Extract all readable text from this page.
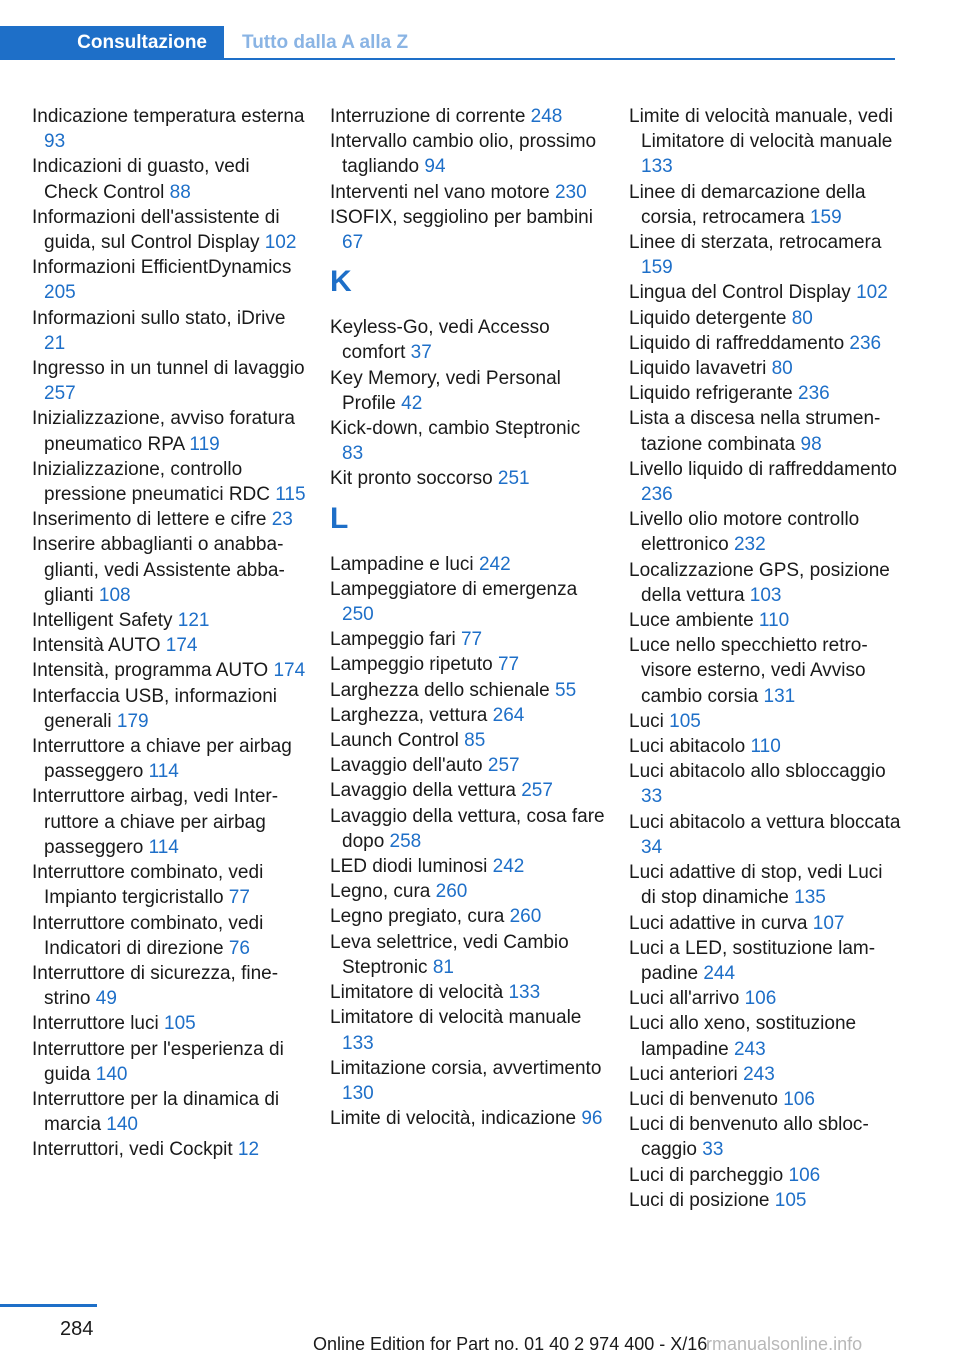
Consultazione	Tutto dalla A alla Z
Indicazione temperatura esterna 93
Indicazioni di guasto, vedi Check Control 88
Informazioni dell'assistente di guida, sul Control Display 102
Informazioni EfficientDynamics 205
Informazioni sullo stato, iDrive 21
Ingresso in un tunnel di lavaggio 257
Inizializzazione, avviso foratura pneumatico RPA 119
Inizializzazione, controllo pressione pneumatici RDC 115
Inserimento di lettere e cifre 23
Inserire abbaglianti o anabbaglianti, vedi Assistente abbaglianti 108
Intelligent Safety 121
Intensità AUTO 174
Intensità, programma AUTO 174
Interfaccia USB, informazioni generali 179
Interruttore a chiave per airbag passeggero 114
Interruttore airbag, vedi Interruttore a chiave per airbag passeggero 114
Interruttore combinato, vedi Impianto tergicristallo 77
Interruttore combinato, vedi Indicatori di direzione 76
Interruttore di sicurezza, finestrino 49
Interruttore luci 105
Interruttore per l'esperienza di guida 140
Interruttore per la dinamica di marcia 140
Interruttori, vedi Cockpit 12
Interruzione di corrente 248
Intervallo cambio olio, prossimo tagliando 94
Interventi nel vano motore 230
ISOFIX, seggiolino per bambini 67
K
Keyless-Go, vedi Accesso comfort 37
Key Memory, vedi Personal Profile 42
Kick-down, cambio Steptronic 83
Kit pronto soccorso 251
L
Lampadine e luci 242
Lampeggiatore di emergenza 250
Lampeggio fari 77
Lampeggio ripetuto 77
Larghezza dello schienale 55
Larghezza, vettura 264
Launch Control 85
Lavaggio dell'auto 257
Lavaggio della vettura 257
Lavaggio della vettura, cosa fare dopo 258
LED diodi luminosi 242
Legno, cura 260
Legno pregiato, cura 260
Leva selettrice, vedi Cambio Steptronic 81
Limitatore di velocità 133
Limitatore di velocità manuale 133
Limitazione corsia, avvertimento 130
Limite di velocità, indicazione 96
Limite di velocità manuale, vedi Limitatore di velocità manuale 133
Linee di demarcazione della corsia, retrocamera 159
Linee di sterzata, retrocamera 159
Lingua del Control Display 102
Liquido detergente 80
Liquido di raffreddamento 236
Liquido lavavetri 80
Liquido refrigerante 236
Lista a discesa nella strumentazione combinata 98
Livello liquido di raffreddamento 236
Livello olio motore controllo elettronico 232
Localizzazione GPS, posizione della vettura 103
Luce ambiente 110
Luce nello specchietto retrovisore esterno, vedi Avviso cambio corsia 131
Luci 105
Luci abitacolo 110
Luci abitacolo allo sbloccaggio 33
Luci abitacolo a vettura bloccata 34
Luci adattive di stop, vedi Luci di stop dinamiche 135
Luci adattive in curva 107
Luci a LED, sostituzione lampadine 244
Luci all'arrivo 106
Luci allo xeno, sostituzione lampadine 243
Luci anteriori 243
Luci di benvenuto 106
Luci di benvenuto allo sbloccaggio 33
Luci di parcheggio 106
Luci di posizione 105
284
Online Edition for Part no. 01 40 2 974 400 - X/16
rmanualsonline.info
